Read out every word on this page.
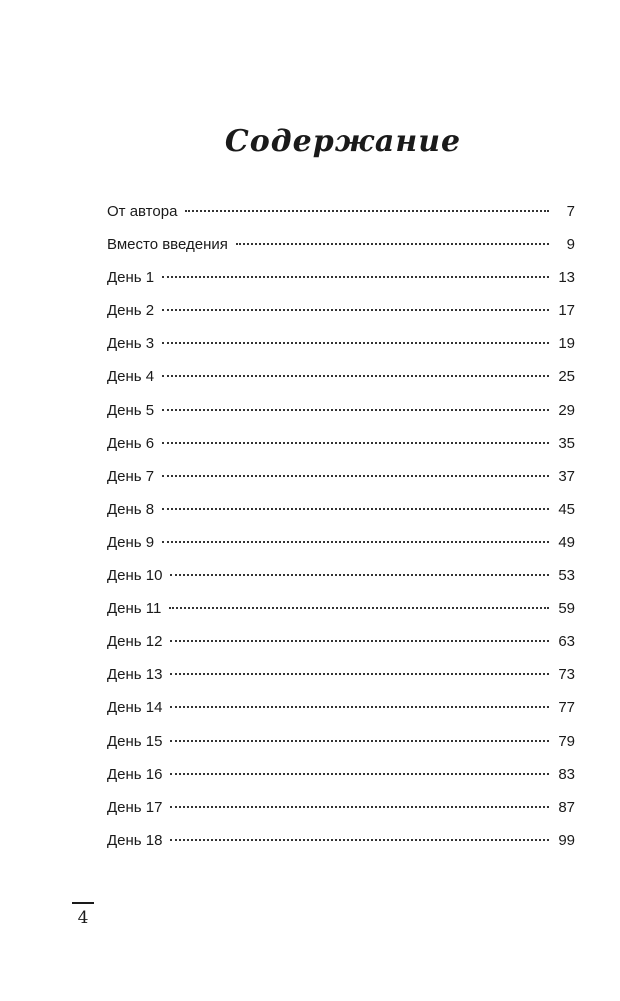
Содержание
От автора	7
Вместо введения	9
День 1	13
День 2	17
День 3	19
День 4	25
День 5	29
День 6	35
День 7	37
День 8	45
День 9	49
День 10	53
День 11	59
День 12	63
День 13	73
День 14	77
День 15	79
День 16	83
День 17	87
День 18	99
4
